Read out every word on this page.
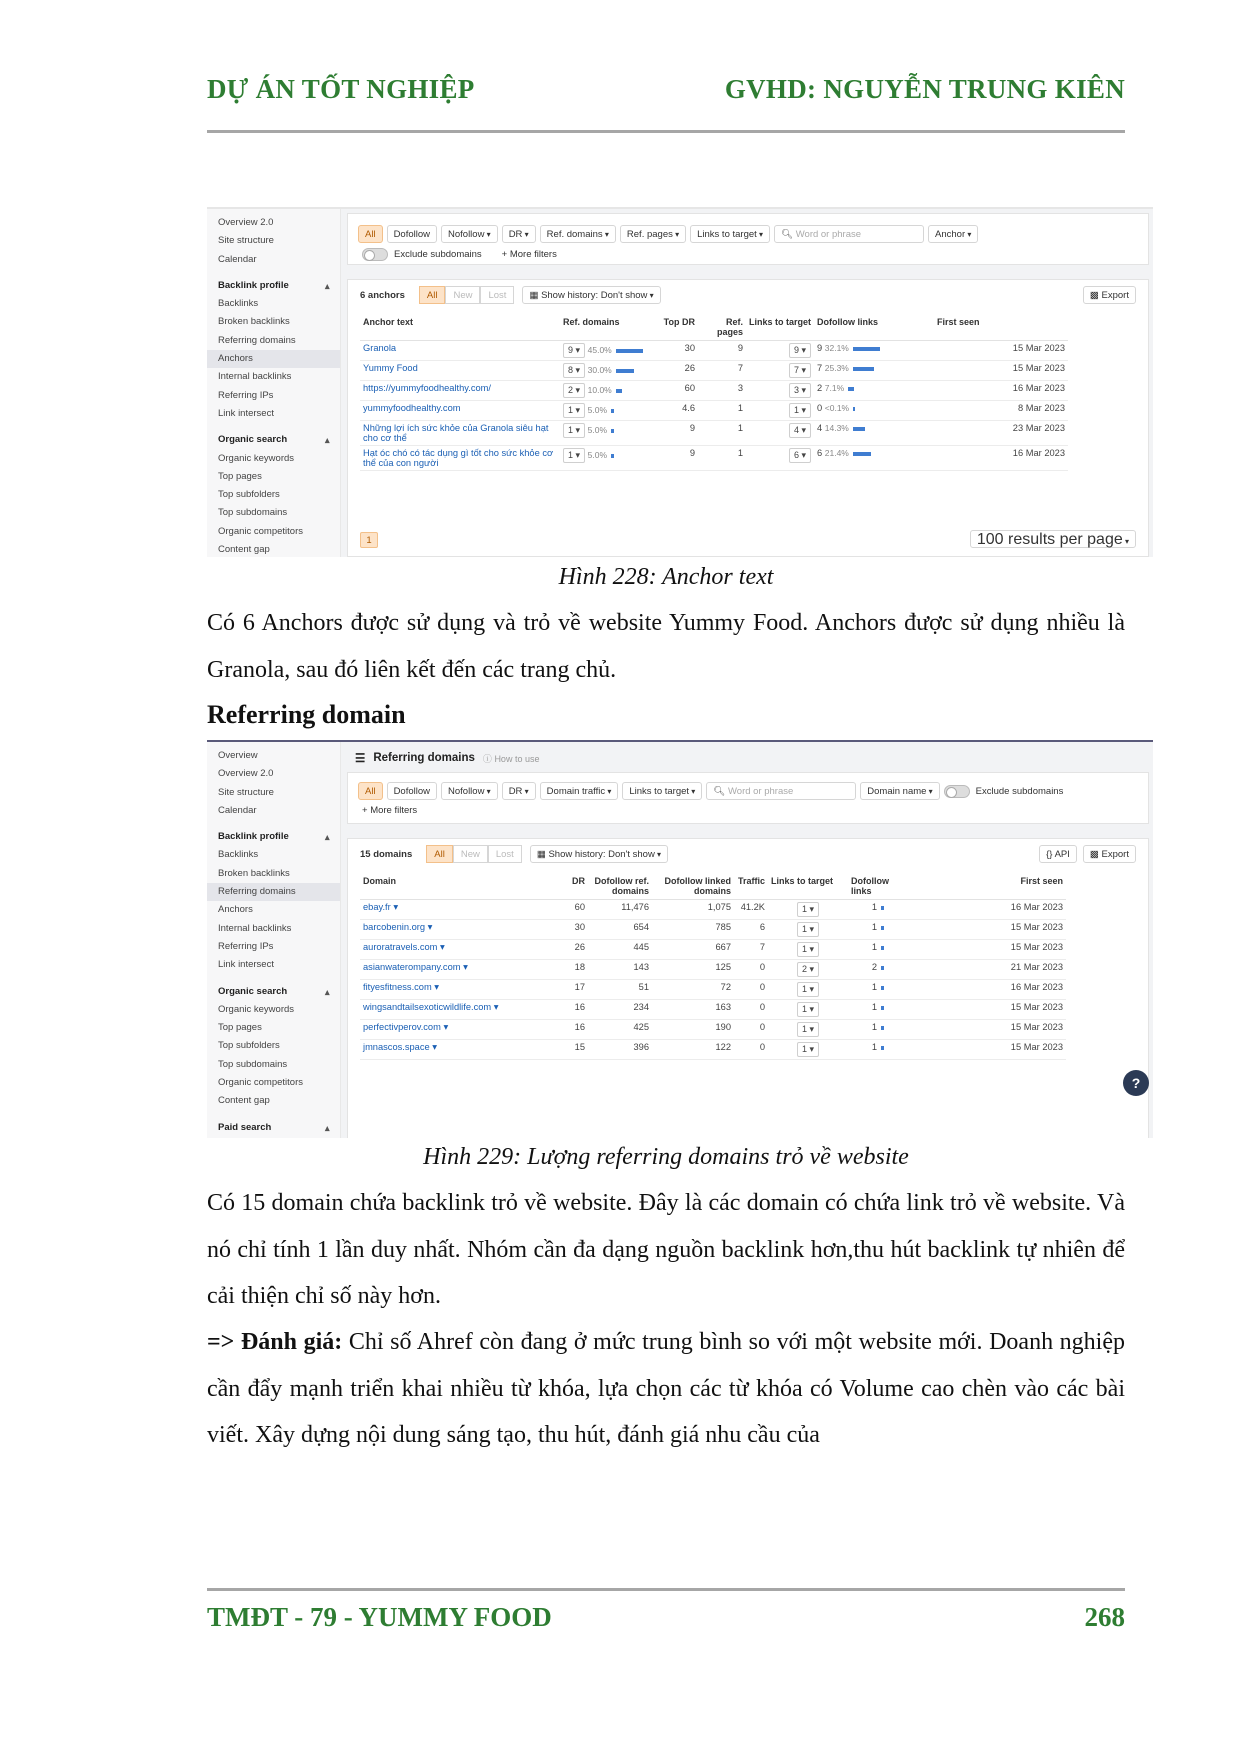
DỰ ÁN TỐT NGHIỆP	GVHD: NGUYỄN TRUNG KIÊN
Overview 2.0
Site structure
Calendar
Backlink profile ▴
Backlinks
Broken backlinks
Referring domains
Anchors
Internal backlinks
Referring IPs
Link intersect
Organic search ▴
Organic keywords
Top pages
Top subfolders
Top subdomains
Organic competitors
Content gap
All	Dofollow	Nofollow ▾	DR ▾	Ref. domains ▾	Ref. pages ▾	Links to target ▾	🔍︎ Word or phrase	Anchor ▾
Exclude subdomains + More filters
6 anchors	All	New	Lost	▦ Show history: Don't show ▾	▩ Export
Anchor text	Ref. domains	Top DR	Ref. pages	Links to target	Dofollow links	First seen
Granola	9 ▾ 45.0%	30	9	9 ▾	9 32.1%	15 Mar 2023
Yummy Food	8 ▾ 30.0%	26	7	7 ▾	7 25.3%	15 Mar 2023
https://yummyfoodhealthy.com/	2 ▾ 10.0%	60	3	3 ▾	2 7.1%	16 Mar 2023
yummyfoodhealthy.com	1 ▾ 5.0%	4.6	1	1 ▾	0 <0.1%	8 Mar 2023
Những lợi ích sức khỏe của Granola siêu hạt cho cơ thể	1 ▾ 5.0%	9	1	4 ▾	4 14.3%	23 Mar 2023
Hạt óc chó có tác dụng gì tốt cho sức khỏe cơ thể của con người	1 ▾ 5.0%	9	1	6 ▾	6 21.4%	16 Mar 2023
1	100 results per page ▾
Hình 228: Anchor text
Có 6 Anchors được sử dụng và trỏ về website Yummy Food. Anchors được sử dụng nhiều là Granola, sau đó liên kết đến các trang chủ.
Referring domain
Overview
Overview 2.0
Site structure
Calendar
Backlink profile ▴
Backlinks
Broken backlinks
Referring domains
Anchors
Internal backlinks
Referring IPs
Link intersect
Organic search ▴
Organic keywords
Top pages
Top subfolders
Top subdomains
Organic competitors
Content gap
Paid search ▴
☰ Referring domains ⓘ How to use
All	Dofollow	Nofollow ▾	DR ▾	Domain traffic ▾	Links to target ▾	🔍︎ Word or phrase	Domain name ▾	Exclude subdomains
+ More filters
15 domains	All	New	Lost	▦ Show history: Don't show ▾	{} API	▩ Export
Domain	DR	Dofollow ref. domains	Dofollow linked domains	Traffic	Links to target	Dofollow links	First seen
ebay.fr ▾	60	11,476	1,075	41.2K	1 ▾	1	16 Mar 2023
barcobenin.org ▾	30	654	785	6	1 ▾	1	15 Mar 2023
auroratravels.com ▾	26	445	667	7	1 ▾	1	15 Mar 2023
asianwaterompany.com ▾	18	143	125	0	2 ▾	2	21 Mar 2023
fityesfitness.com ▾	17	51	72	0	1 ▾	1	16 Mar 2023
wingsandtailsexoticwildlife.com ▾	16	234	163	0	1 ▾	1	15 Mar 2023
perfectivperov.com ▾	16	425	190	0	1 ▾	1	15 Mar 2023
jmnascos.space ▾	15	396	122	0	1 ▾	1	15 Mar 2023
?
Hình 229: Lượng referring domains trỏ về website
Có 15 domain chứa backlink trỏ về website. Đây là các domain có chứa link trỏ về website. Và nó chỉ tính 1 lần duy nhất. Nhóm cần đa dạng nguồn backlink hơn,thu hút backlink tự nhiên để cải thiện chỉ số này hơn.
=> Đánh giá: Chỉ số Ahref còn đang ở mức trung bình so với một website mới. Doanh nghiệp cần đẩy mạnh triển khai nhiều từ khóa, lựa chọn các từ khóa có Volume cao chèn vào các bài viết. Xây dựng nội dung sáng tạo, thu hút, đánh giá nhu cầu của
TMĐT - 79 - YUMMY FOOD	268
